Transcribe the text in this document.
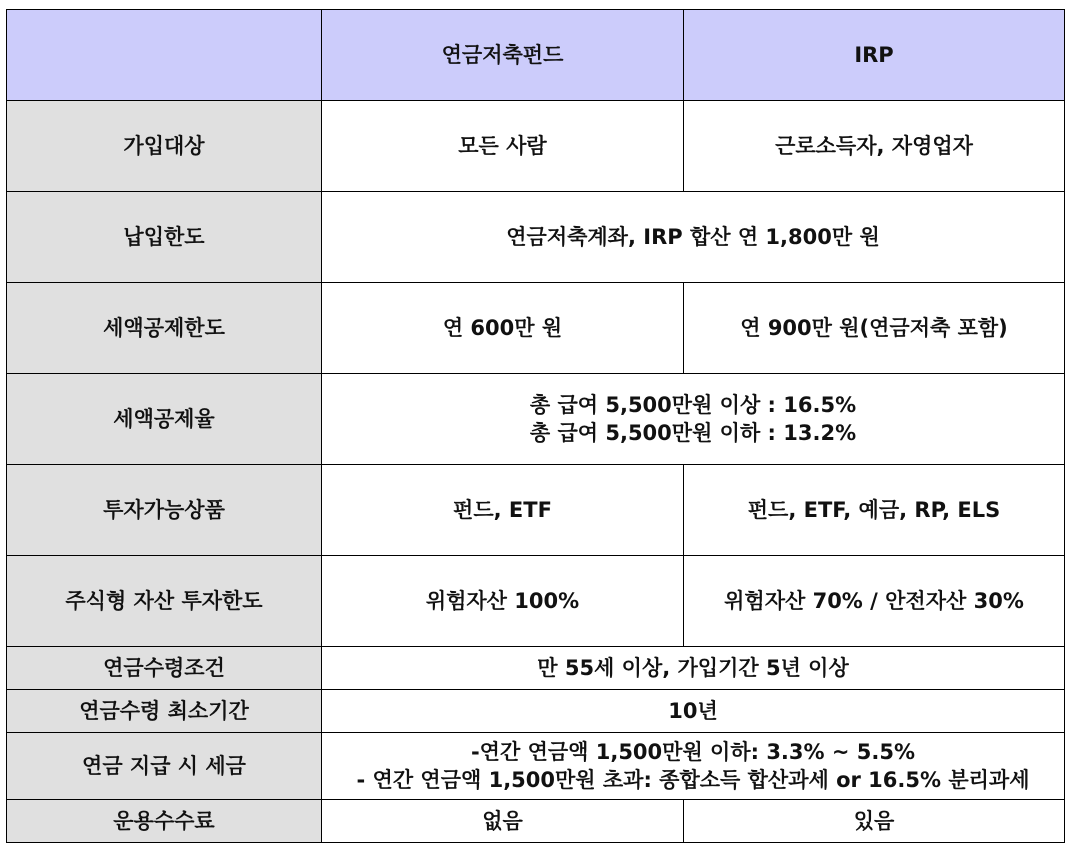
	연금저축펀드	IRP
가입대상	모든 사람	근로소득자, 자영업자
납입한도	연금저축계좌, IRP 합산 연 1,800만 원	
세액공제한도	연 600만 원	연 900만 원(연금저축 포함)
세액공제율	총 급여 5,500만원 이상 : 16.5%
총 급여 5,500만원 이하 : 13.2%	

투자가능상품	펀드, ETF	펀드, ETF, 예금, RP, ELS
주식형 자산 투자한도	위험자산 100%	위험자산 70% / 안전자산 30%
연금수령조건	만 55세 이상, 가입기간 5년 이상	
연금수령 최소기간	10년	
연금 지급 시 세금	-연간 연금액 1,500만원 이하: 3.3% ~ 5.5%
- 연간 연금액 1,500만원 초과: 종합소득 합산과세 or 16.5% 분리과세	

운용수수료	없음	있음
